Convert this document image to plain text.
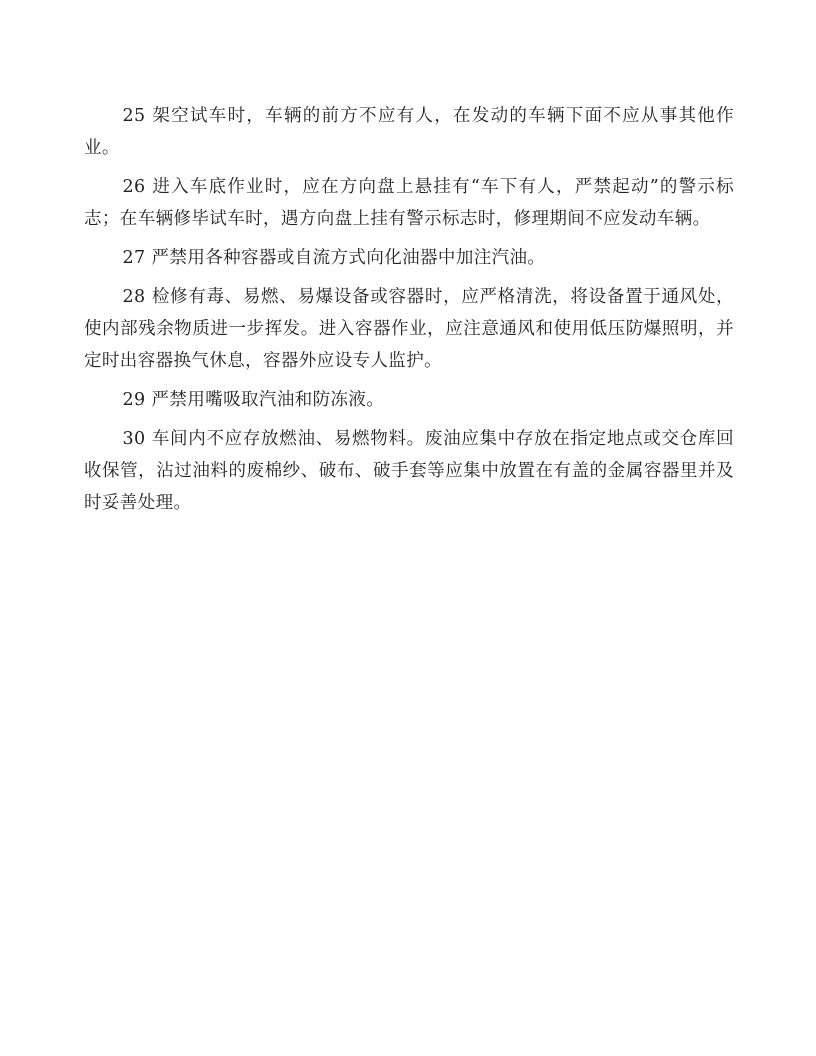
25 架空试车时，车辆的前方不应有人，在发动的车辆下面不应从事其他作业。

26 进入车底作业时，应在方向盘上悬挂有“车下有人，严禁起动”的警示标志；在车辆修毕试车时，遇方向盘上挂有警示标志时，修理期间不应发动车辆。

27 严禁用各种容器或自流方式向化油器中加注汽油。

28 检修有毒、易燃、易爆设备或容器时，应严格清洗，将设备置于通风处，使内部残余物质进一步挥发。进入容器作业，应注意通风和使用低压防爆照明，并定时出容器换气休息，容器外应设专人监护。

29 严禁用嘴吸取汽油和防冻液。

30 车间内不应存放燃油、易燃物料。废油应集中存放在指定地点或交仓库回收保管，沾过油料的废棉纱、破布、破手套等应集中放置在有盖的金属容器里并及时妥善处理。
